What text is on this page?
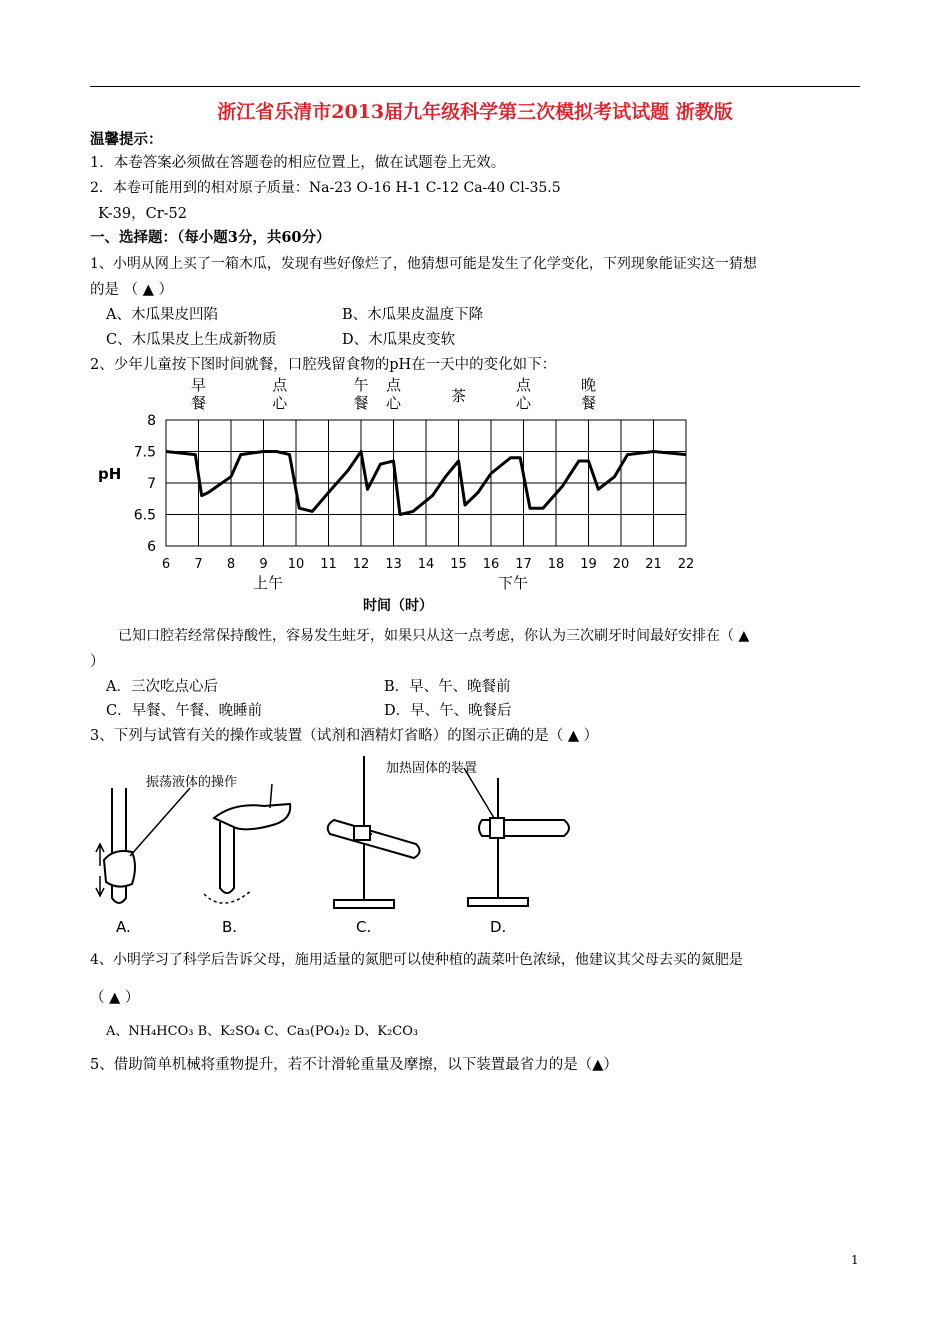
浙江省乐清市2013届九年级科学第三次模拟考试试题 浙教版
温馨提示：
1．本卷答案必须做在答题卷的相应位置上，做在试题卷上无效。
2．本卷可能用到的相对原子质量：Na-23 O-16 H-1 C-12 Ca-40 Cl-35.5
K-39，Cr-52
一、选择题：（每小题3分，共60分）
1、小明从网上买了一箱木瓜，发现有些好像烂了，他猜想可能是发生了化学变化，下列现象能证实这一猜想
的是 （ ▲ ）
A、木瓜果皮凹陷	B、木瓜果皮温度下降
C、木瓜果皮上生成新物质	D、木瓜果皮变软
2、少年儿童按下图时间就餐，口腔残留食物的pH在一天中的变化如下：
早餐
点心
午餐
点心	茶
点心
晚餐
8
7.5
7
6.5
6
6 7 8 9 10 11 12 13 14 15 16 17 18 19 20 21 22
pH
上午	下午
时间（时）
已知口腔若经常保持酸性，容易发生蛀牙，如果只从这一点考虑，你认为三次刷牙时间最好安排在（ ▲
）
A．三次吃点心后	B．早、午、晚餐前
C．早餐、午餐、晚睡前	D．早、午、晚餐后
3、下列与试管有关的操作或装置（试剂和酒精灯省略）的图示正确的是（ ▲ ）
振荡液体的操作
A.	B.	C.
加热固体的装置
D.
4、小明学习了科学后告诉父母，施用适量的氮肥可以使种植的蔬菜叶色浓绿，他建议其父母去买的氮肥是
（ ▲ ）
A、NH₄HCO₃ B、K₂SO₄ C、Ca₃(PO₄)₂ D、K₂CO₃
5、借助简单机械将重物提升，若不计滑轮重量及摩擦，以下装置最省力的是（▲）
1
